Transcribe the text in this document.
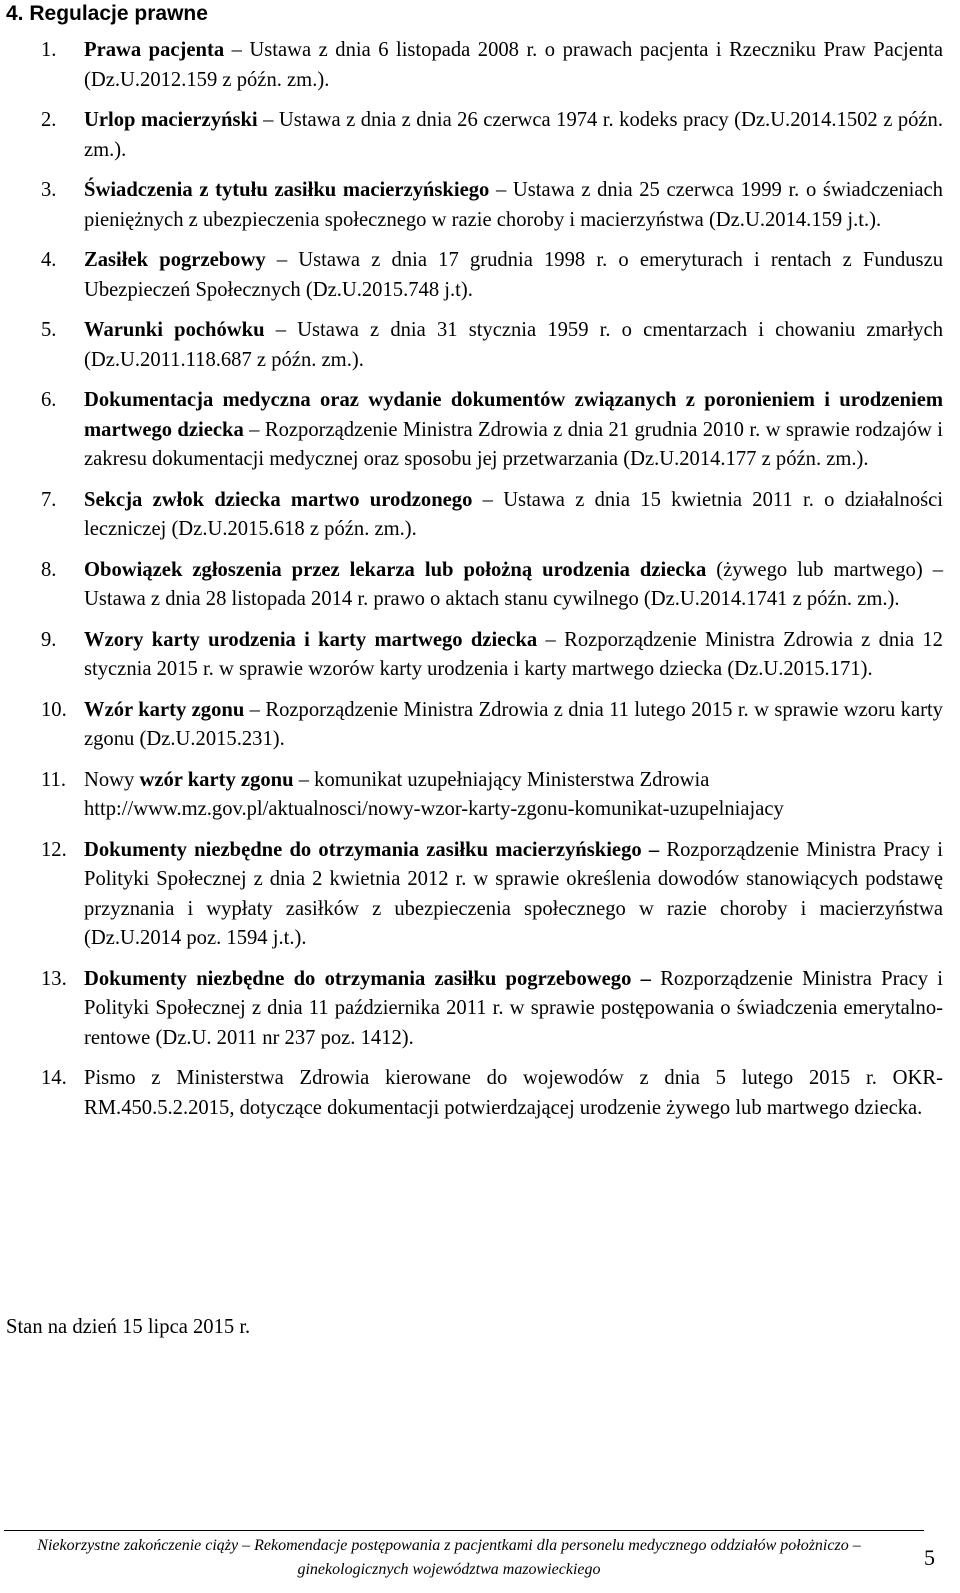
4. Regulacje prawne
1.	Prawa pacjenta – Ustawa z dnia 6 listopada 2008 r. o prawach pacjenta i Rzeczniku Praw Pacjenta (Dz.U.2012.159 z późn. zm.).
2.	Urlop macierzyński – Ustawa z dnia z dnia 26 czerwca 1974 r. kodeks pracy (Dz.U.2014.1502 z późn. zm.).
3.	Świadczenia z tytułu zasiłku macierzyńskiego – Ustawa z dnia 25 czerwca 1999 r. o świadczeniach pieniężnych z ubezpieczenia społecznego w razie choroby i macierzyństwa (Dz.U.2014.159 j.t.).
4.	Zasiłek pogrzebowy – Ustawa z dnia 17 grudnia 1998 r. o emeryturach i rentach z Funduszu Ubezpieczeń Społecznych (Dz.U.2015.748 j.t).
5.	Warunki pochówku – Ustawa z dnia 31 stycznia 1959 r. o cmentarzach i chowaniu zmarłych (Dz.U.2011.118.687 z późn. zm.).
6.	Dokumentacja medyczna oraz wydanie dokumentów związanych z poronieniem i urodzeniem martwego dziecka – Rozporządzenie Ministra Zdrowia z dnia 21 grudnia 2010 r. w sprawie rodzajów i zakresu dokumentacji medycznej oraz sposobu jej przetwarzania (Dz.U.2014.177 z późn. zm.).
7.	Sekcja zwłok dziecka martwo urodzonego – Ustawa z dnia 15 kwietnia 2011 r. o działalności leczniczej (Dz.U.2015.618 z późn. zm.).
8.	Obowiązek zgłoszenia przez lekarza lub położną urodzenia dziecka (żywego lub martwego) – Ustawa z dnia 28 listopada 2014 r. prawo o aktach stanu cywilnego (Dz.U.2014.1741 z późn. zm.).
9.	Wzory karty urodzenia i karty martwego dziecka – Rozporządzenie Ministra Zdrowia z dnia 12 stycznia 2015 r. w sprawie wzorów karty urodzenia i karty martwego dziecka (Dz.U.2015.171).
10. Wzór karty zgonu – Rozporządzenie Ministra Zdrowia z dnia 11 lutego 2015 r. w sprawie wzoru karty zgonu (Dz.U.2015.231).
11. Nowy wzór karty zgonu – komunikat uzupełniający Ministerstwa Zdrowia
http://www.mz.gov.pl/aktualnosci/nowy-wzor-karty-zgonu-komunikat-uzupelniajacy
12. Dokumenty niezbędne do otrzymania zasiłku macierzyńskiego – Rozporządzenie Ministra Pracy i Polityki Społecznej z dnia 2 kwietnia 2012 r. w sprawie określenia dowodów stanowiących podstawę przyznania i wypłaty zasiłków z ubezpieczenia społecznego w razie choroby i macierzyństwa (Dz.U.2014 poz. 1594 j.t.).
13. Dokumenty niezbędne do otrzymania zasiłku pogrzebowego – Rozporządzenie Ministra Pracy i Polityki Społecznej z dnia 11 października 2011 r. w sprawie postępowania o świadczenia emerytalno-rentowe (Dz.U. 2011 nr 237 poz. 1412).
14. Pismo z Ministerstwa Zdrowia kierowane do wojewodów z dnia 5 lutego 2015 r. OKR-RM.450.5.2.2015, dotyczące dokumentacji potwierdzającej urodzenie żywego lub martwego dziecka.
Stan na dzień 15 lipca 2015 r.
Niekorzystne zakończenie ciąży – Rekomendacje postępowania z pacjentkami dla personelu medycznego oddziałów położniczo – ginekologicznych województwa mazowieckiego	5
